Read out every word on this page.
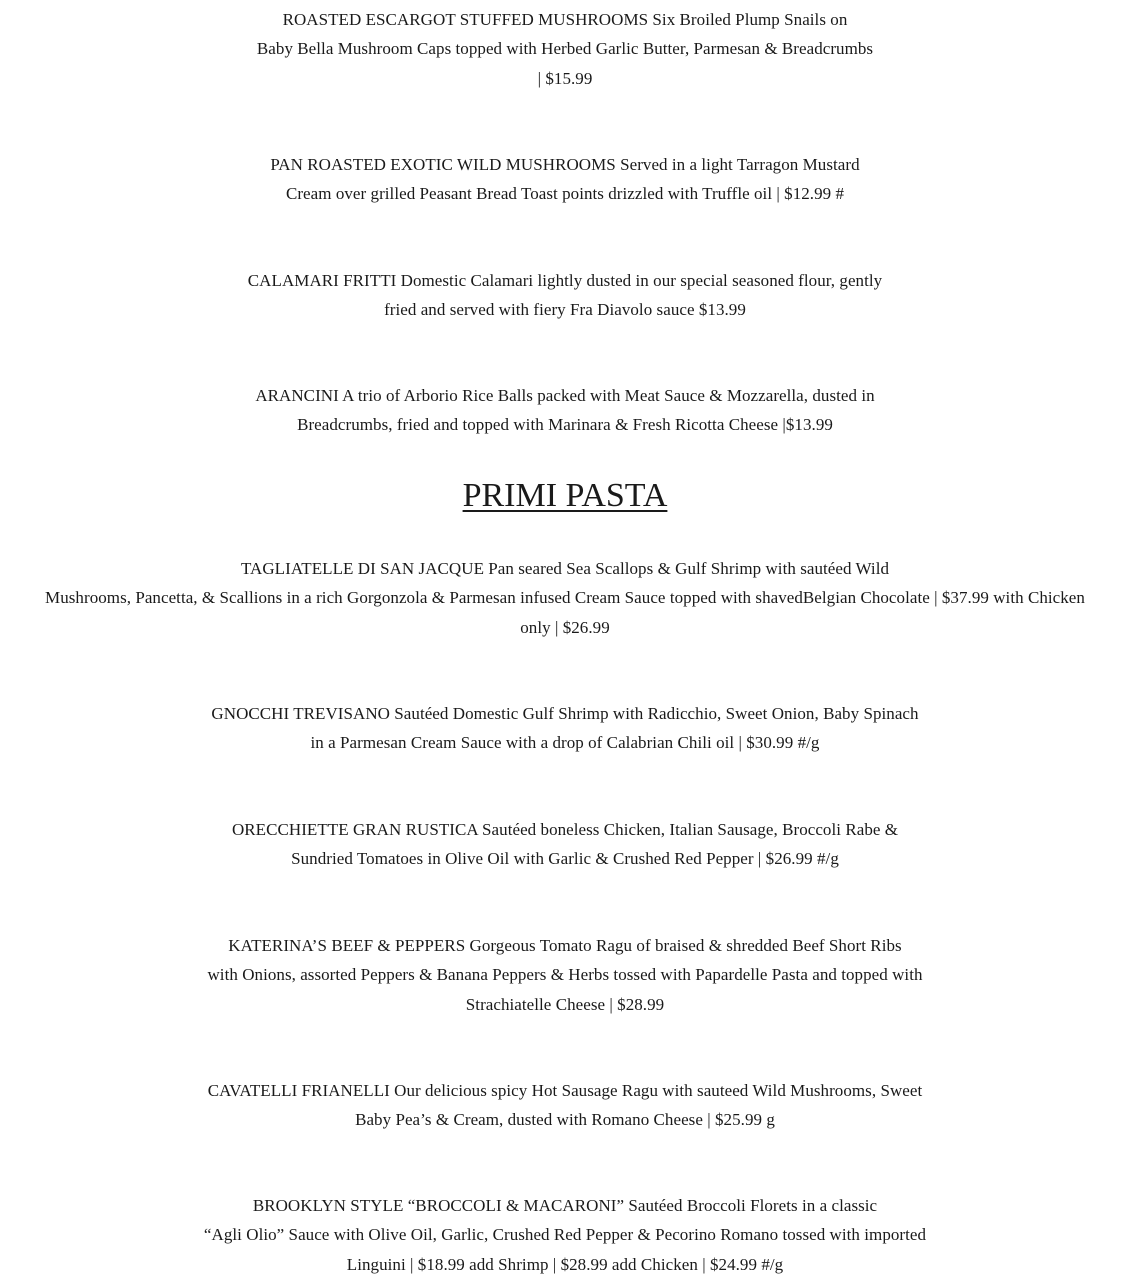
ROASTED ESCARGOT STUFFED MUSHROOMS Six Broiled Plump Snails on
Baby Bella Mushroom Caps topped with Herbed Garlic Butter, Parmesan & Breadcrumbs
| $15.99

PAN ROASTED EXOTIC WILD MUSHROOMS Served in a light Tarragon Mustard
Cream over grilled Peasant Bread Toast points drizzled with Truffle oil | $12.99 #

CALAMARI FRITTI Domestic Calamari lightly dusted in our special seasoned flour, gently
fried and served with fiery Fra Diavolo sauce $13.99

ARANCINI A trio of Arborio Rice Balls packed with Meat Sauce & Mozzarella, dusted in
Breadcrumbs, fried and topped with Marinara & Fresh Ricotta Cheese |$13.99

PRIMI PASTA

TAGLIATELLE DI SAN JACQUE Pan seared Sea Scallops & Gulf Shrimp with sautéed Wild
Mushrooms, Pancetta, & Scallions in a rich Gorgonzola & Parmesan infused Cream Sauce topped with shavedBelgian Chocolate | $37.99 with Chicken
only | $26.99

GNOCCHI TREVISANO Sautéed Domestic Gulf Shrimp with Radicchio, Sweet Onion, Baby Spinach
in a Parmesan Cream Sauce with a drop of Calabrian Chili oil | $30.99 #/g

ORECCHIETTE GRAN RUSTICA Sautéed boneless Chicken, Italian Sausage, Broccoli Rabe &
Sundried Tomatoes in Olive Oil with Garlic & Crushed Red Pepper | $26.99 #/g

KATERINA’S BEEF & PEPPERS Gorgeous Tomato Ragu of braised & shredded Beef Short Ribs
with Onions, assorted Peppers & Banana Peppers & Herbs tossed with Papardelle Pasta and topped with
Strachiatelle Cheese | $28.99

CAVATELLI FRIANELLI Our delicious spicy Hot Sausage Ragu with sauteed Wild Mushrooms, Sweet
Baby Pea’s & Cream, dusted with Romano Cheese | $25.99 g

BROOKLYN STYLE “BROCCOLI & MACARONI” Sautéed Broccoli Florets in a classic
“Agli Olio” Sauce with Olive Oil, Garlic, Crushed Red Pepper & Pecorino Romano tossed with imported
Linguini | $18.99 add Shrimp | $28.99 add Chicken | $24.99 #/g
